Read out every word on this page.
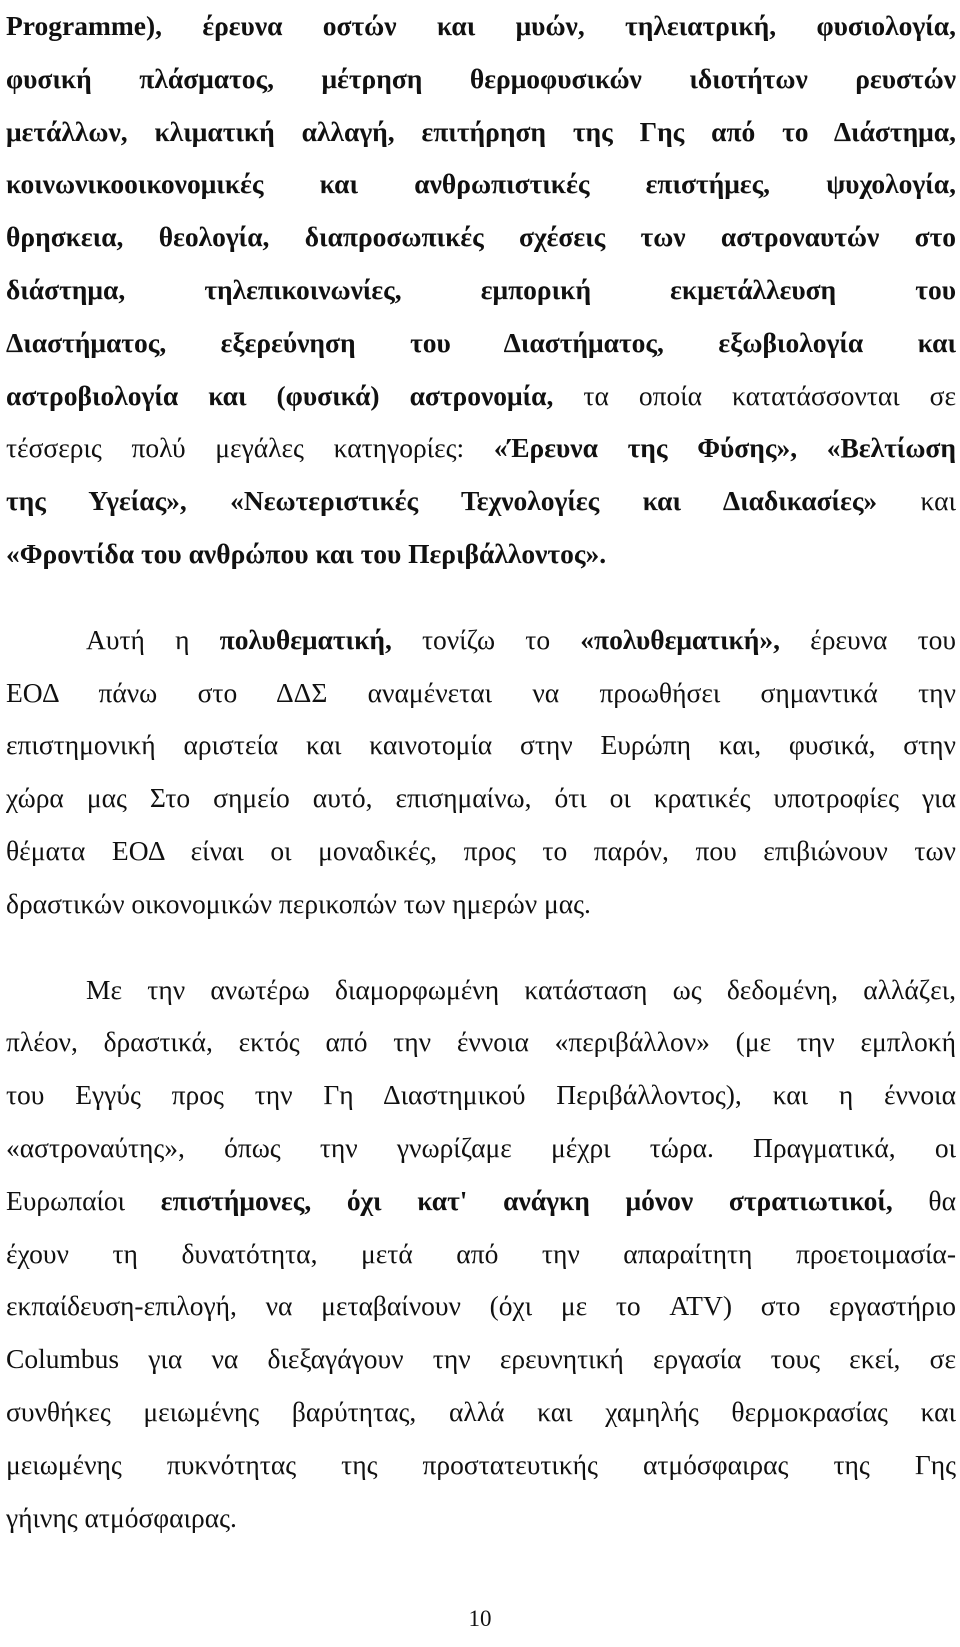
Programme), έρευνα οστών και μυών, τηλειατρική, φυσιολογία,
φυσική πλάσματος, μέτρηση θερμοφυσικών ιδιοτήτων ρευστών
μετάλλων, κλιματική αλλαγή, επιτήρηση της Γης από το Διάστημα,
κοινωνικοοικονομικές και ανθρωπιστικές επιστήμες, ψυχολογία,
θρησκεια, θεολογία, διαπροσωπικές σχέσεις των αστροναυτών στο
διάστημα, τηλεπικοινωνίες, εμπορική εκμετάλλευση του
Διαστήματος, εξερεύνηση του Διαστήματος, εξωβιολογία και
αστροβιολογία και (φυσικά) αστρονομία, τα οποία κατατάσσονται σε
τέσσερις πολύ μεγάλες κατηγορίες: «Έρευνα της Φύσης», «Βελτίωση
της Υγείας», «Νεωτεριστικές Τεχνολογίες και Διαδικασίες» και
«Φροντίδα του ανθρώπου και του Περιβάλλοντος».
Αυτή η πολυθεματική, τονίζω το «πολυθεματική», έρευνα του
ΕΟΔ πάνω στο ΔΔΣ αναμένεται να προωθήσει σημαντικά την
επιστημονική αριστεία και καινοτομία στην Ευρώπη και, φυσικά, στην
χώρα μας Στο σημείο αυτό, επισημαίνω, ότι οι κρατικές υποτροφίες για
θέματα ΕΟΔ είναι οι μοναδικές, προς το παρόν, που επιβιώνουν των
δραστικών οικονομικών περικοπών των ημερών μας.
Με την ανωτέρω διαμορφωμένη κατάσταση ως δεδομένη, αλλάζει,
πλέον, δραστικά, εκτός από την έννοια «περιβάλλον» (με την εμπλοκή
του Εγγύς προς την Γη Διαστημικού Περιβάλλοντος), και η έννοια
«αστροναύτης», όπως την γνωρίζαμε μέχρι τώρα. Πραγματικά, οι
Ευρωπαίοι επιστήμονες, όχι κατ' ανάγκη μόνον στρατιωτικοί, θα
έχουν τη δυνατότητα, μετά από την απαραίτητη προετοιμασία-
εκπαίδευση-επιλογή, να μεταβαίνουν (όχι με το ATV) στο εργαστήριο
Columbus για να διεξαγάγουν την ερευνητική εργασία τους εκεί, σε
συνθήκες μειωμένης βαρύτητας, αλλά και χαμηλής θερμοκρασίας και
μειωμένης πυκνότητας της προστατευτικής ατμόσφαιρας της Γης
γήινης ατμόσφαιρας.
10
